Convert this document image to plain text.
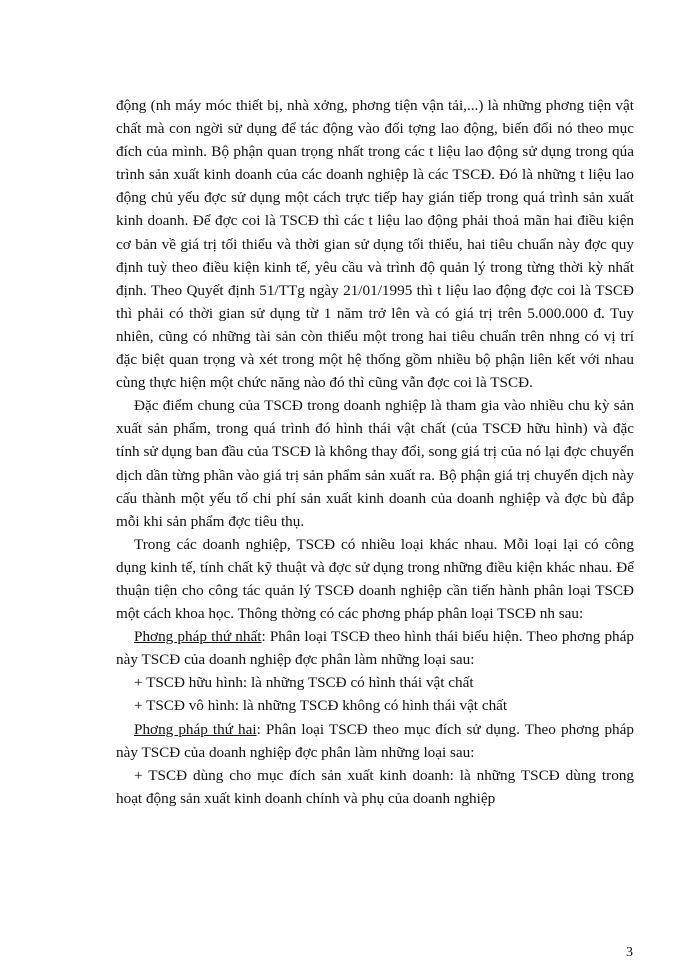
động (nh máy móc thiết bị, nhà xởng, phơng tiện vận tải,...) là những phơng tiện vật chất mà con ngời sử dụng để tác động vào đối tợng lao động, biến đổi nó theo mục đích của mình. Bộ phận quan trọng nhất trong các t liệu lao động sử dụng trong qúa trình sản xuất kinh doanh của các doanh nghiệp là các TSCĐ. Đó là những t liệu lao động chủ yếu đợc sử dụng một cách trực tiếp hay gián tiếp trong quá trình sản xuất kinh doanh. Để đợc coi là TSCĐ thì các t liệu lao động phải thoả mãn hai điều kiện cơ bản về giá trị tối thiểu và thời gian sử dụng tối thiểu, hai tiêu chuẩn này đợc quy định tuỳ theo điều kiện kinh tế, yêu cầu và trình độ quản lý trong từng thời kỳ nhất định. Theo Quyết định 51/TTg ngày 21/01/1995 thì t liệu lao động đợc coi là TSCĐ thì phải có thời gian sử dụng từ 1 năm trở lên và có giá trị trên 5.000.000 đ. Tuy nhiên, cũng có những tài sản còn thiếu một trong hai tiêu chuẩn trên nhng có vị trí đặc biệt quan trọng và xét trong một hệ thống gồm nhiều bộ phận liên kết với nhau cùng thực hiện một chức năng nào đó thì cũng vẫn đợc coi là TSCĐ.

Đặc điểm chung của TSCĐ trong doanh nghiệp là tham gia vào nhiều chu kỳ sản xuất sản phẩm, trong quá trình đó hình thái vật chất (của TSCĐ hữu hình) và đặc tính sử dụng ban đầu của TSCĐ là không thay đổi, song giá trị của nó lại đợc chuyển dịch dần từng phần vào giá trị sản phẩm sản xuất ra. Bộ phận giá trị chuyển dịch này cấu thành một yếu tố chi phí sản xuất kinh doanh của doanh nghiệp và đợc bù đắp mỗi khi sản phẩm đợc tiêu thụ.

Trong các doanh nghiệp, TSCĐ có nhiều loại khác nhau. Mỗi loại lại có công dụng kinh tế, tính chất kỹ thuật và đợc sử dụng trong những điều kiện khác nhau. Để thuận tiện cho công tác quản lý TSCĐ doanh nghiệp cần tiến hành phân loại TSCĐ một cách khoa học. Thông thờng có các phơng pháp phân loại TSCĐ nh sau:

Phơng pháp thứ nhất: Phân loại TSCĐ theo hình thái biểu hiện. Theo phơng pháp này TSCĐ của doanh nghiệp đợc phân làm những loại sau:

+ TSCĐ hữu hình: là những TSCĐ có hình thái vật chất

+ TSCĐ vô hình: là những TSCĐ không có hình thái vật chất

Phơng pháp thứ hai: Phân loại TSCĐ theo mục đích sử dụng. Theo phơng pháp này TSCĐ của doanh nghiệp đợc phân làm những loại sau:

+ TSCĐ dùng cho mục đích sản xuất kinh doanh: là những TSCĐ dùng trong hoạt động sản xuất kinh doanh chính và phụ của doanh nghiệp

3
